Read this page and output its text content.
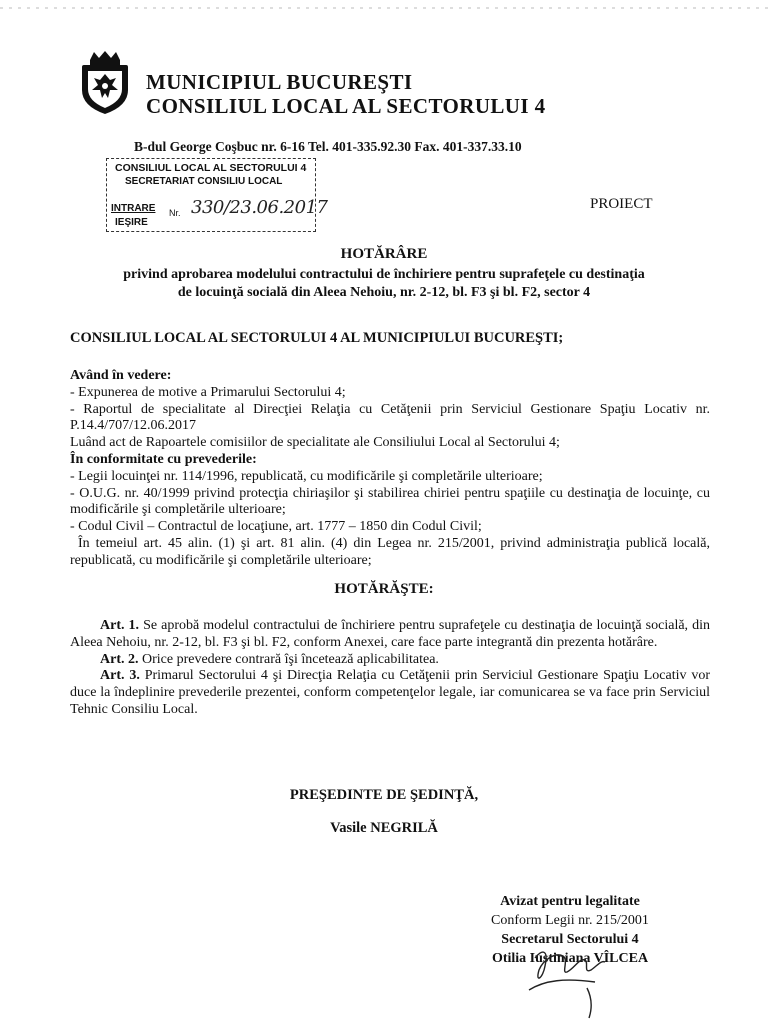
MUNICIPIUL BUCUREŞTI
CONSILIUL LOCAL AL SECTORULUI 4
B-dul George Coşbuc nr. 6-16 Tel. 401-335.92.30 Fax. 401-337.33.10
CONSILIUL LOCAL AL SECTORULUI 4
SECRETARIAT CONSILIU LOCAL
INTRARE
IEŞIRE
Nr. 330/23.06.2017	PROIECT
HOTĂRÂRE
privind aprobarea modelului contractului de închiriere pentru suprafeţele cu destinaţia
de locuinţă socială din Aleea Nehoiu, nr. 2-12, bl. F3 şi bl. F2, sector 4
CONSILIUL LOCAL AL SECTORULUI 4 AL MUNICIPIULUI BUCUREŞTI;

Având în vedere:

- Expunerea de motive a Primarului Sectorului 4;

- Raportul de specialitate al Direcţiei Relaţia cu Cetăţenii prin Serviciul Gestionare Spaţiu Locativ nr. P.14.4/707/12.06.2017

Luând act de Rapoartele comisiilor de specialitate ale Consiliului Local al Sectorului 4;

În conformitate cu prevederile:

- Legii locuinţei nr. 114/1996, republicată, cu modificările şi completările ulterioare;

- O.U.G. nr. 40/1999 privind protecţia chiriaşilor şi stabilirea chiriei pentru spaţiile cu destinaţia de locuinţe, cu modificările şi completările ulterioare;

- Codul Civil – Contractul de locaţiune, art. 1777 – 1850 din Codul Civil;

În temeiul art. 45 alin. (1) şi art. 81 alin. (4) din Legea nr. 215/2001, privind administraţia publică locală, republicată, cu modificările şi completările ulterioare;

HOTĂRĂŞTE:

Art. 1. Se aprobă modelul contractului de închiriere pentru suprafeţele cu destinaţia de locuinţă socială, din Aleea Nehoiu, nr. 2-12, bl. F3 şi bl. F2, conform Anexei, care face parte integrantă din prezenta hotărâre.

Art. 2. Orice prevedere contrară îşi încetează aplicabilitatea.

Art. 3. Primarul Sectorului 4 şi Direcţia Relaţia cu Cetăţenii prin Serviciul Gestionare Spaţiu Locativ vor duce la îndeplinire prevederile prezentei, conform competenţelor legale, iar comunicarea se va face prin Serviciul Tehnic Consiliu Local.

PREŞEDINTE DE ŞEDINŢĂ,
Vasile NEGRILĂ
Avizat pentru legalitate
Conform Legii nr. 215/2001
Secretarul Sectorului 4
Otilia Iustiniana VÎLCEA
